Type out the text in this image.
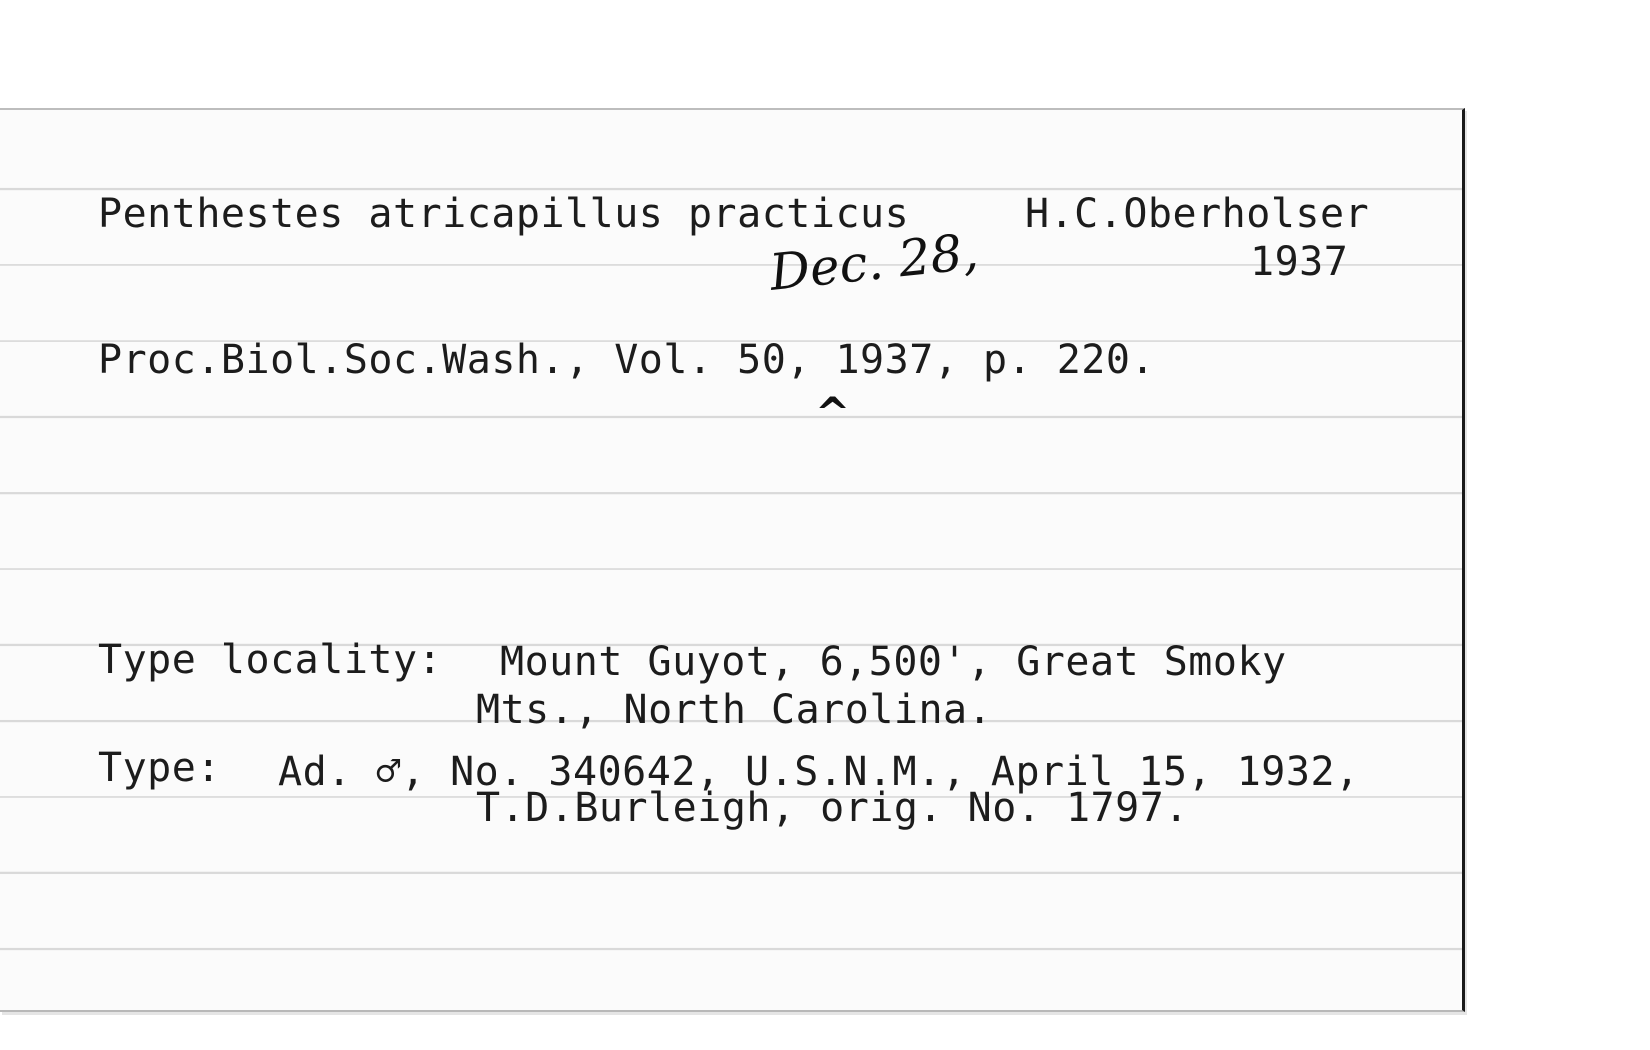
Penthestes atricapillus practicus	H.C.Oberholser

1937

Dec. 28,

Proc.Biol.Soc.Wash., Vol. 50, 1937, p. 220.

^

Type locality: Mount Guyot, 6,500', Great Smoky

Mts., North Carolina.

Type: Ad. ♂, No. 340642, U.S.N.M., April 15, 1932,

T.D.Burleigh, orig. No. 1797.
